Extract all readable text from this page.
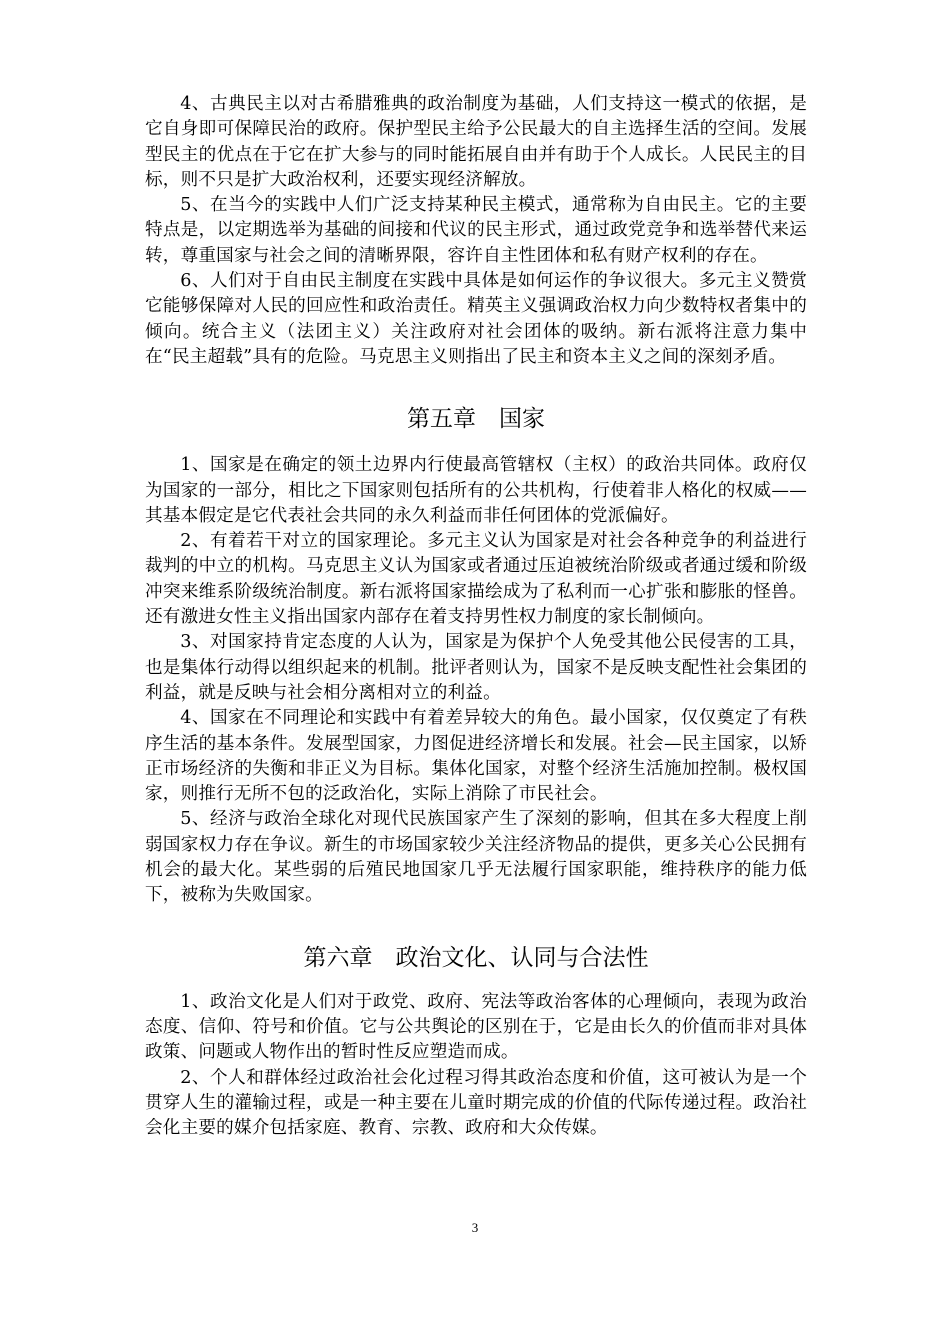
4、古典民主以对古希腊雅典的政治制度为基础，人们支持这一模式的依据，是它自身即可保障民治的政府。保护型民主给予公民最大的自主选择生活的空间。发展型民主的优点在于它在扩大参与的同时能拓展自由并有助于个人成长。人民民主的目标，则不只是扩大政治权利，还要实现经济解放。

5、在当今的实践中人们广泛支持某种民主模式，通常称为自由民主。它的主要特点是，以定期选举为基础的间接和代议的民主形式，通过政党竞争和选举替代来运转，尊重国家与社会之间的清晰界限，容许自主性团体和私有财产权利的存在。

6、人们对于自由民主制度在实践中具体是如何运作的争议很大。多元主义赞赏它能够保障对人民的回应性和政治责任。精英主义强调政治权力向少数特权者集中的倾向。统合主义（法团主义）关注政府对社会团体的吸纳。新右派将注意力集中在“民主超载”具有的危险。马克思主义则指出了民主和资本主义之间的深刻矛盾。

第五章　国家

1、国家是在确定的领土边界内行使最高管辖权（主权）的政治共同体。政府仅为国家的一部分，相比之下国家则包括所有的公共机构，行使着非人格化的权威——其基本假定是它代表社会共同的永久利益而非任何团体的党派偏好。

2、有着若干对立的国家理论。多元主义认为国家是对社会各种竞争的利益进行裁判的中立的机构。马克思主义认为国家或者通过压迫被统治阶级或者通过缓和阶级冲突来维系阶级统治制度。新右派将国家描绘成为了私利而一心扩张和膨胀的怪兽。还有激进女性主义指出国家内部存在着支持男性权力制度的家长制倾向。

3、对国家持肯定态度的人认为，国家是为保护个人免受其他公民侵害的工具，也是集体行动得以组织起来的机制。批评者则认为，国家不是反映支配性社会集团的利益，就是反映与社会相分离相对立的利益。

4、国家在不同理论和实践中有着差异较大的角色。最小国家，仅仅奠定了有秩序生活的基本条件。发展型国家，力图促进经济增长和发展。社会—民主国家，以矫正市场经济的失衡和非正义为目标。集体化国家，对整个经济生活施加控制。极权国家，则推行无所不包的泛政治化，实际上消除了市民社会。

5、经济与政治全球化对现代民族国家产生了深刻的影响，但其在多大程度上削弱国家权力存在争议。新生的市场国家较少关注经济物品的提供，更多关心公民拥有机会的最大化。某些弱的后殖民地国家几乎无法履行国家职能，维持秩序的能力低下，被称为失败国家。

第六章　政治文化、认同与合法性

1、政治文化是人们对于政党、政府、宪法等政治客体的心理倾向，表现为政治态度、信仰、符号和价值。它与公共舆论的区别在于，它是由长久的价值而非对具体政策、问题或人物作出的暂时性反应塑造而成。

2、个人和群体经过政治社会化过程习得其政治态度和价值，这可被认为是一个贯穿人生的灌输过程，或是一种主要在儿童时期完成的价值的代际传递过程。政治社会化主要的媒介包括家庭、教育、宗教、政府和大众传媒。

3
